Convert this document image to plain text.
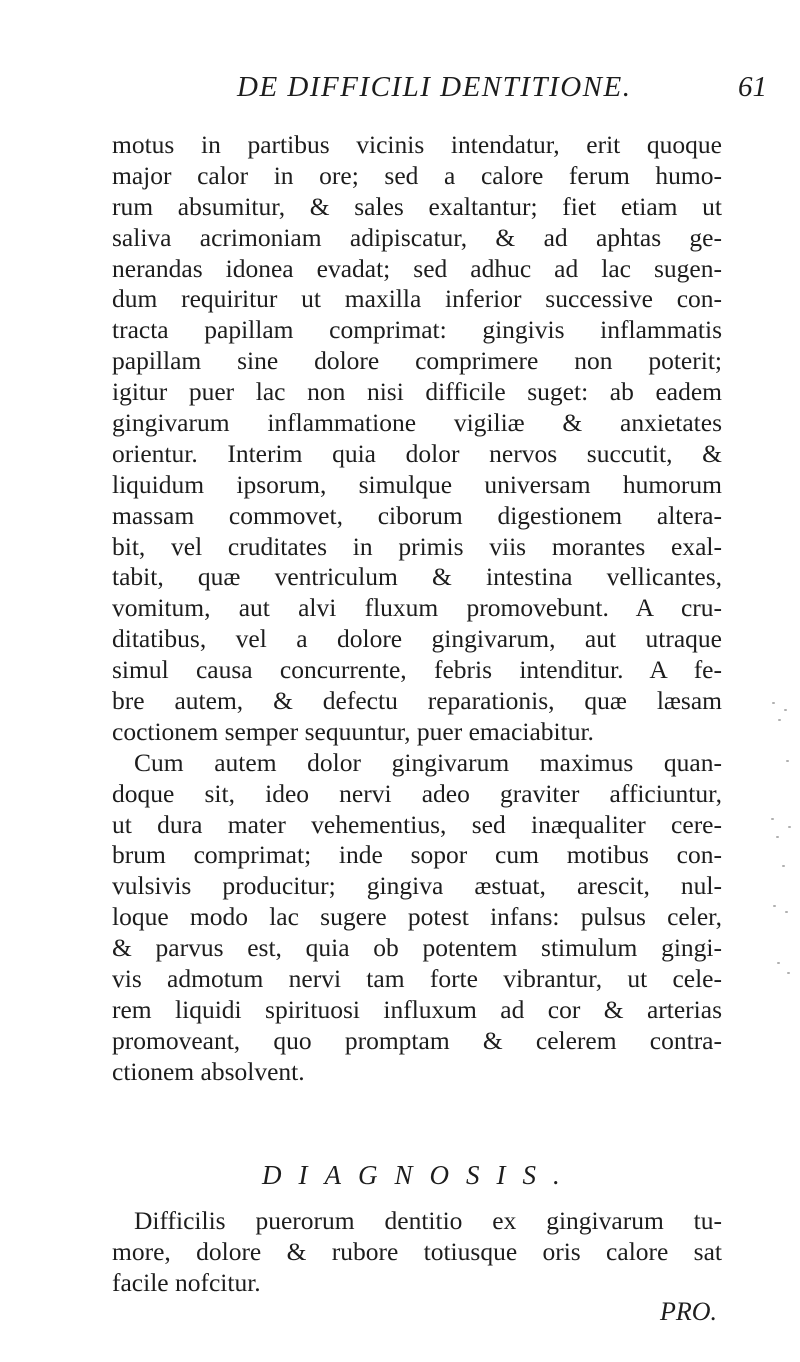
DE DIFFICILI DENTITIONE.	61
motus in partibus vicinis intendatur, erit quoque
major calor in ore; sed a calore ferum humo-
rum absumitur, & sales exaltantur; fiet etiam ut
saliva acrimoniam adipiscatur, & ad aphtas ge-
nerandas idonea evadat; sed adhuc ad lac sugen-
dum requiritur ut maxilla inferior successive con-
tracta papillam comprimat: gingivis inflammatis
papillam sine dolore comprimere non poterit;
igitur puer lac non nisi difficile suget: ab eadem
gingivarum inflammatione vigiliæ & anxietates
orientur. Interim quia dolor nervos succutit, &
liquidum ipsorum, simulque universam humorum
massam commovet, ciborum digestionem altera-
bit, vel cruditates in primis viis morantes exal-
tabit, quæ ventriculum & intestina vellicantes,
vomitum, aut alvi fluxum promovebunt. A cru-
ditatibus, vel a dolore gingivarum, aut utraque
simul causa concurrente, febris intenditur. A fe-
bre autem, & defectu reparationis, quæ læsam
coctionem semper sequuntur, puer emaciabitur.
Cum autem dolor gingivarum maximus quan-
doque sit, ideo nervi adeo graviter afficiuntur,
ut dura mater vehementius, sed inæqualiter cere-
brum comprimat; inde sopor cum motibus con-
vulsivis producitur; gingiva æstuat, arescit, nul-
loque modo lac sugere potest infans: pulsus celer,
& parvus est, quia ob potentem stimulum gingi-
vis admotum nervi tam forte vibrantur, ut cele-
rem liquidi spirituosi influxum ad cor & arterias
promoveant, quo promptam & celerem contra-
ctionem absolvent.
DIAGNOSIS.
Difficilis puerorum dentitio ex gingivarum tu-
more, dolore & rubore totiusque oris calore sat
facile nofcitur.
PRO.
